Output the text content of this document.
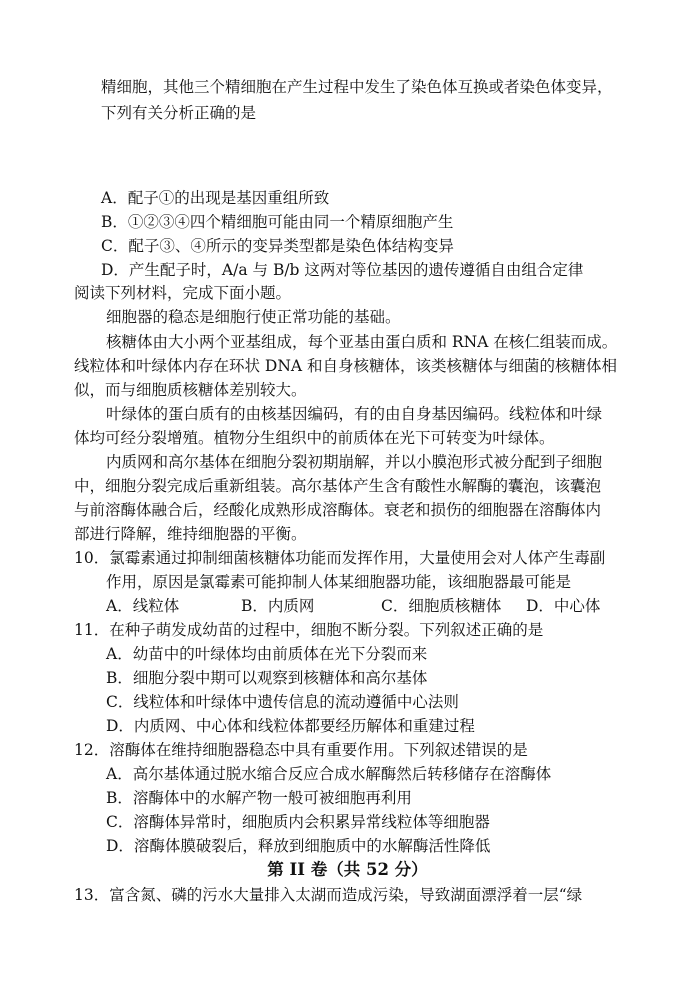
精细胞，其他三个精细胞在产生过程中发生了染色体互换或者染色体变异，
下列有关分析正确的是
A．配子①的出现是基因重组所致
B．①②③④四个精细胞可能由同一个精原细胞产生
C．配子③、④所示的变异类型都是染色体结构变异
D．产生配子时，A/a 与 B/b 这两对等位基因的遗传遵循自由组合定律
阅读下列材料，完成下面小题。
细胞器的稳态是细胞行使正常功能的基础。
核糖体由大小两个亚基组成，每个亚基由蛋白质和 RNA 在核仁组装而成。
线粒体和叶绿体内存在环状 DNA 和自身核糖体，该类核糖体与细菌的核糖体相
似，而与细胞质核糖体差别较大。
叶绿体的蛋白质有的由核基因编码，有的由自身基因编码。线粒体和叶绿
体均可经分裂增殖。植物分生组织中的前质体在光下可转变为叶绿体。
内质网和高尔基体在细胞分裂初期崩解，并以小膜泡形式被分配到子细胞
中，细胞分裂完成后重新组装。高尔基体产生含有酸性水解酶的囊泡，该囊泡
与前溶酶体融合后，经酸化成熟形成溶酶体。衰老和损伤的细胞器在溶酶体内
部进行降解，维持细胞器的平衡。
10．氯霉素通过抑制细菌核糖体功能而发挥作用，大量使用会对人体产生毒副
作用，原因是氯霉素可能抑制人体某细胞器功能，该细胞器最可能是
A．线粒体	B．内质网	C．细胞质核糖体	D．中心体
11．在种子萌发成幼苗的过程中，细胞不断分裂。下列叙述正确的是
A．幼苗中的叶绿体均由前质体在光下分裂而来
B．细胞分裂中期可以观察到核糖体和高尔基体
C．线粒体和叶绿体中遗传信息的流动遵循中心法则
D．内质网、中心体和线粒体都要经历解体和重建过程
12．溶酶体在维持细胞器稳态中具有重要作用。下列叙述错误的是
A．高尔基体通过脱水缩合反应合成水解酶然后转移储存在溶酶体
B．溶酶体中的水解产物一般可被细胞再利用
C．溶酶体异常时，细胞质内会积累异常线粒体等细胞器
D．溶酶体膜破裂后，释放到细胞质中的水解酶活性降低
第 II 卷（共 52 分）
13．富含氮、磷的污水大量排入太湖而造成污染，导致湖面漂浮着一层“绿
